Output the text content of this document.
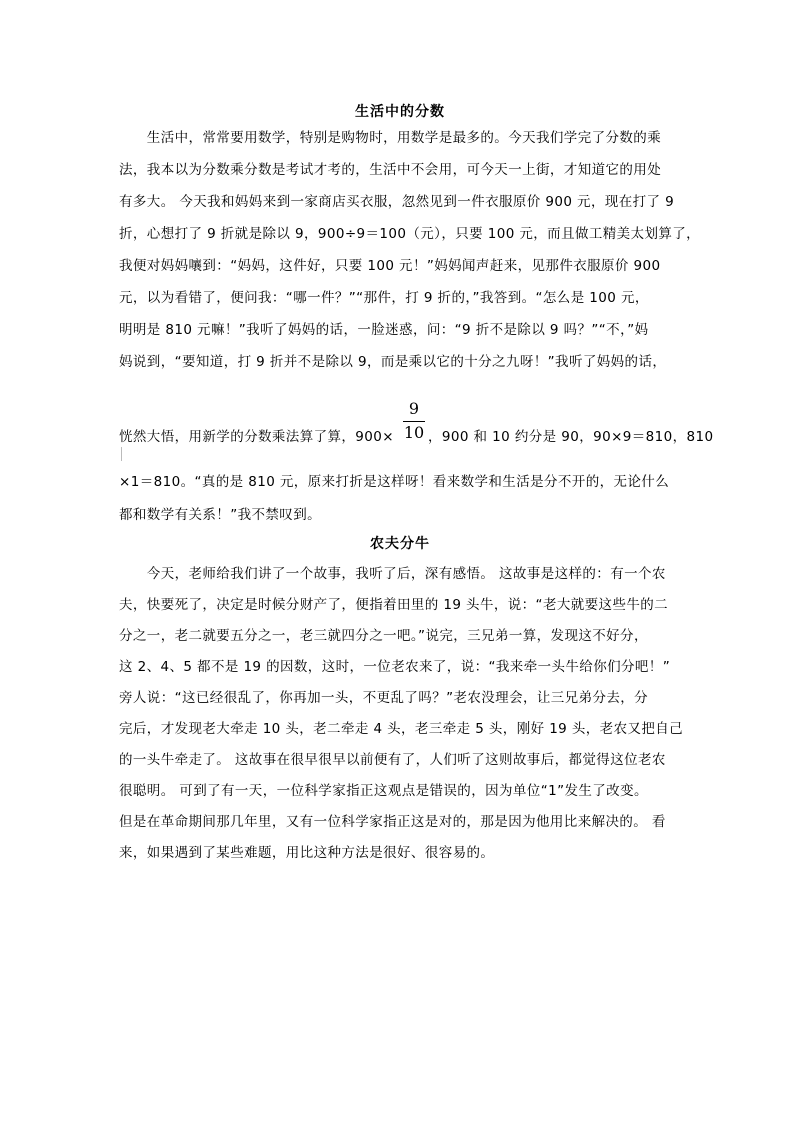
生活中的分数
　　生活中，常常要用数学，特别是购物时，用数学是最多的。今天我们学完了分数的乘
法，我本以为分数乘分数是考试才考的，生活中不会用，可今天一上街，才知道它的用处
有多大。 今天我和妈妈来到一家商店买衣服，忽然见到一件衣服原价 900 元，现在打了 9
折，心想打了 9 折就是除以 9，900÷9＝100（元），只要 100 元，而且做工精美太划算了，
我便对妈妈嚷到：“妈妈，这件好，只要 100 元！”妈妈闻声赶来，见那件衣服原价 900
元，以为看错了，便问我：“哪一件？”“那件，打 9 折的，”我答到。“怎么是 100 元，
明明是 810 元嘛！”我听了妈妈的话，一脸迷惑，问：“9 折不是除以 9 吗？”“不，”妈
妈说到，“要知道，打 9 折并不是除以 9，而是乘以它的十分之九呀！”我听了妈妈的话，
恍然大悟，用新学的分数乘法算了算，900×
9
10 ，900 和 10 约分是 90，90×9＝810，810
×1＝810。“真的是 810 元，原来打折是这样呀！看来数学和生活是分不开的，无论什么
都和数学有关系！”我不禁叹到。
农夫分牛
　　今天，老师给我们讲了一个故事，我听了后，深有感悟。 这故事是这样的：有一个农
夫，快要死了，决定是时候分财产了，便指着田里的 19 头牛，说：“老大就要这些牛的二
分之一，老二就要五分之一，老三就四分之一吧。”说完，三兄弟一算，发现这不好分，
这 2、4、5 都不是 19 的因数，这时，一位老农来了，说：“我来牵一头牛给你们分吧！”
旁人说：“这已经很乱了，你再加一头，不更乱了吗？”老农没理会，让三兄弟分去，分
完后，才发现老大牵走 10 头，老二牵走 4 头，老三牵走 5 头，刚好 19 头，老农又把自己
的一头牛牵走了。 这故事在很早很早以前便有了，人们听了这则故事后，都觉得这位老农
很聪明。 可到了有一天，一位科学家指正这观点是错误的，因为单位“1”发生了改变。
但是在革命期间那几年里，又有一位科学家指正这是对的，那是因为他用比来解决的。 看
来，如果遇到了某些难题，用比这种方法是很好、很容易的。
